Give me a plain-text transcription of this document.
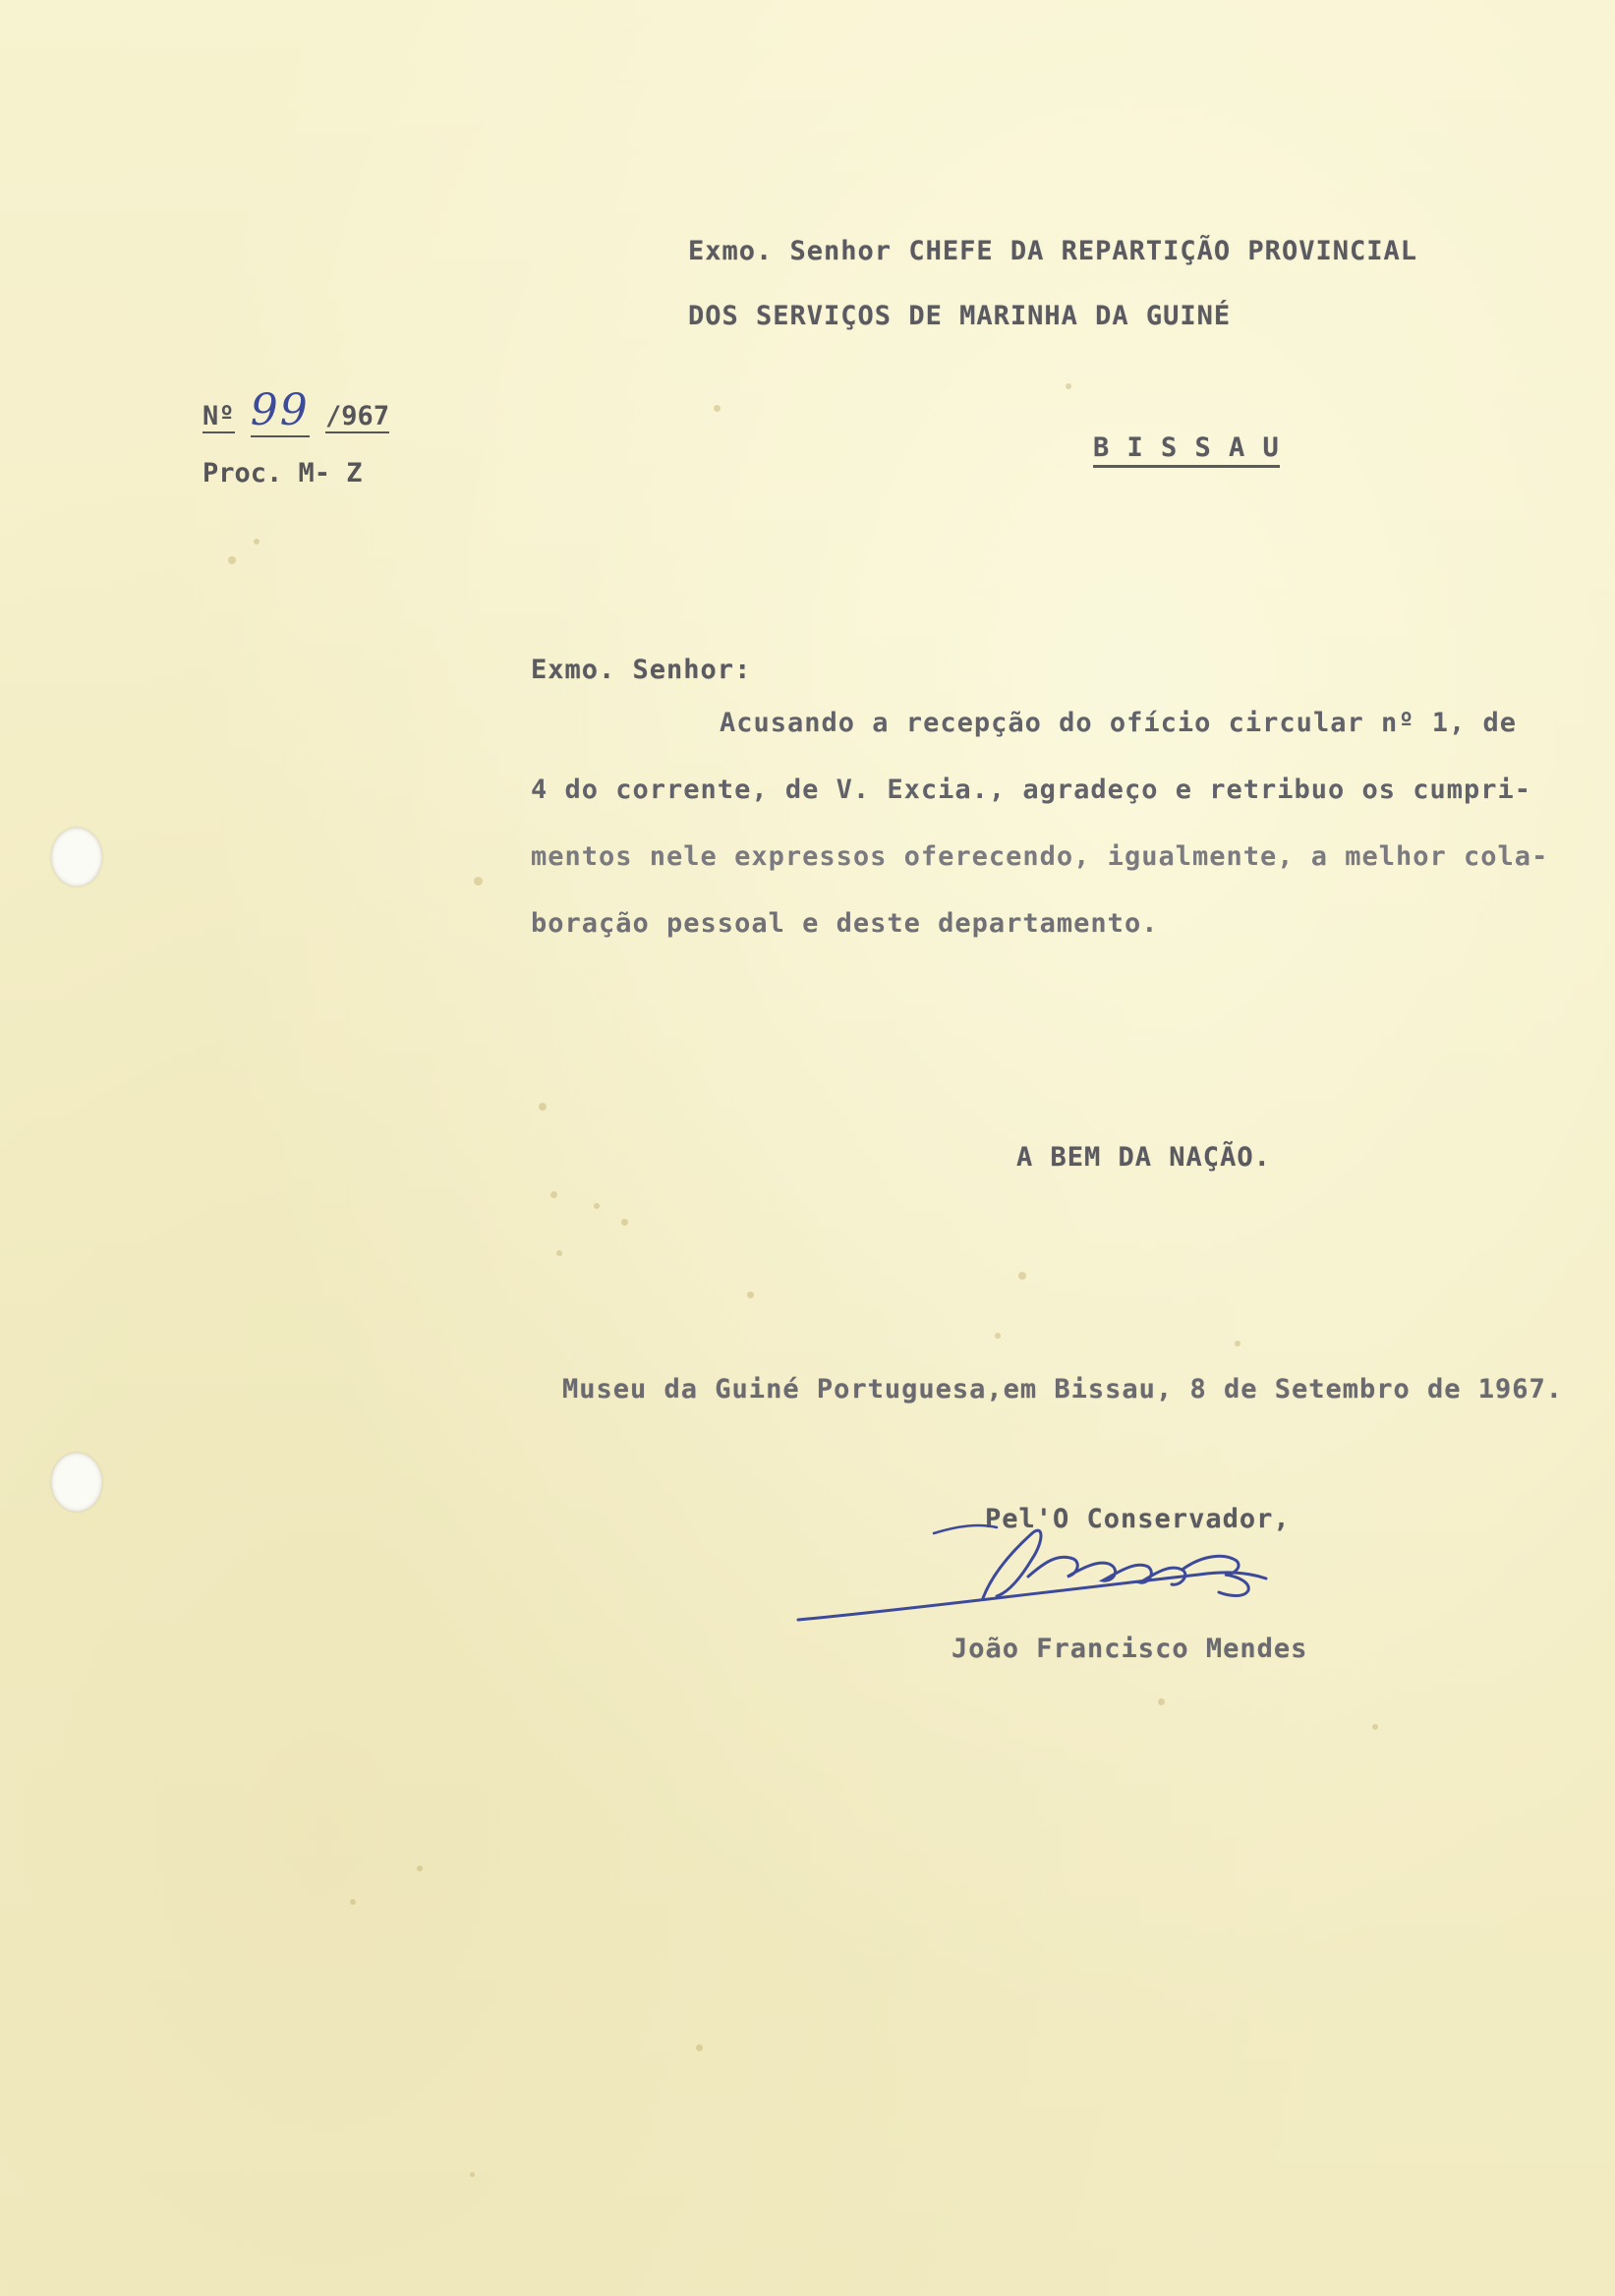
Exmo. Senhor CHEFE DA REPARTIÇÃO PROVINCIAL
DOS SERVIÇOS DE MARINHA DA GUINÉ
B I S S A U
Nº 99 /967
Proc. M- Z
Exmo. Senhor:
Acusando a recepção do ofício circular nº 1, de
4 do corrente, de V. Excia., agradeço e retribuo os cumpri-
mentos nele expressos oferecendo, igualmente, a melhor cola-
boração pessoal e deste departamento.
A BEM DA NAÇÃO.
Museu da Guiné Portuguesa,em Bissau, 8 de Setembro de 1967.
Pel'O Conservador,
João Francisco Mendes
